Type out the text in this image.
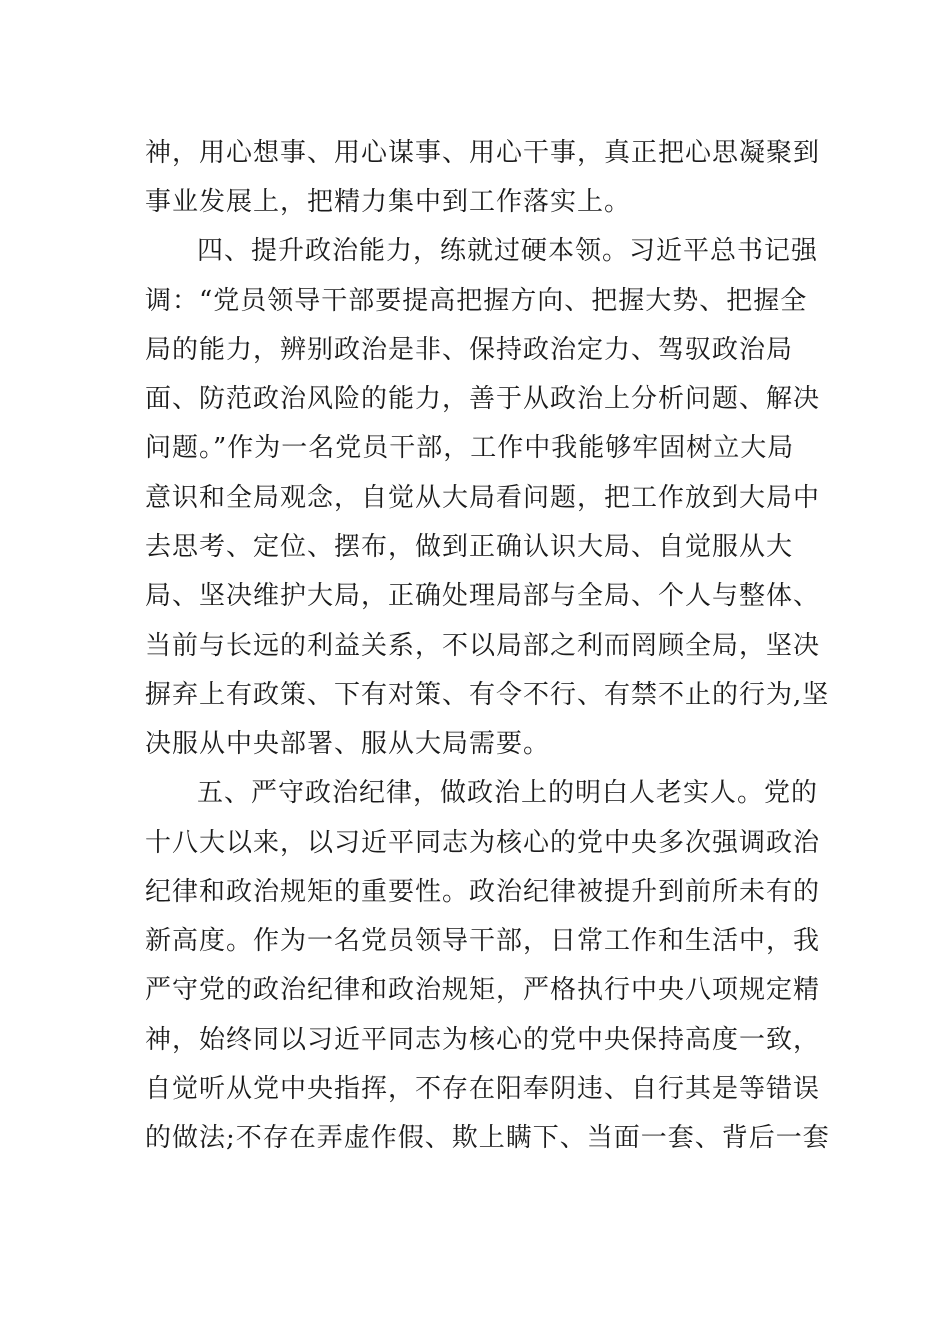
神，用心想事、用心谋事、用心干事，真正把心思凝聚到
事业发展上，把精力集中到工作落实上。
四、提升政治能力，练就过硬本领。习近平总书记强
调：“党员领导干部要提高把握方向、把握大势、把握全
局的能力，辨别政治是非、保持政治定力、驾驭政治局
面、防范政治风险的能力，善于从政治上分析问题、解决
问题。”作为一名党员干部，工作中我能够牢固树立大局
意识和全局观念，自觉从大局看问题，把工作放到大局中
去思考、定位、摆布，做到正确认识大局、自觉服从大
局、坚决维护大局，正确处理局部与全局、个人与整体、
当前与长远的利益关系，不以局部之利而罔顾全局，坚决
摒弃上有政策、下有对策、有令不行、有禁不止的行为,坚
决服从中央部署、服从大局需要。
五、严守政治纪律，做政治上的明白人老实人。党的
十八大以来，以习近平同志为核心的党中央多次强调政治
纪律和政治规矩的重要性。政治纪律被提升到前所未有的
新高度。作为一名党员领导干部，日常工作和生活中，我
严守党的政治纪律和政治规矩，严格执行中央八项规定精
神，始终同以习近平同志为核心的党中央保持高度一致，
自觉听从党中央指挥，不存在阳奉阴违、自行其是等错误
的做法;不存在弄虚作假、欺上瞒下、当面一套、背后一套
